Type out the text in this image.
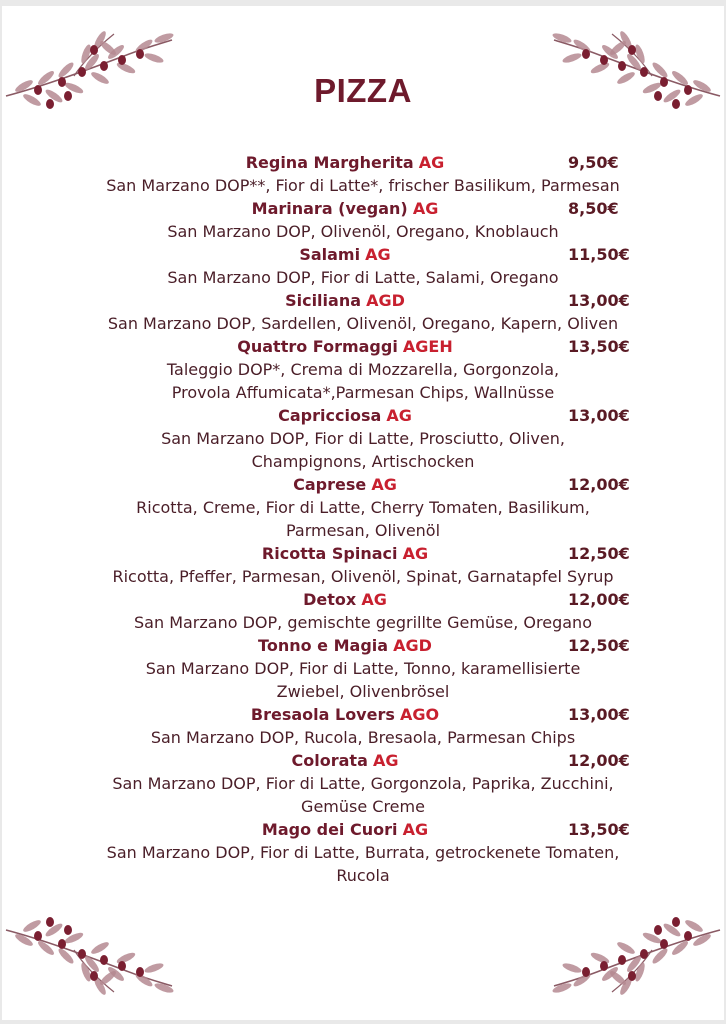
PIZZA
Regina Margherita AG	9,50€
San Marzano DOP**, Fior di Latte*, frischer Basilikum, Parmesan
Marinara (vegan) AG	8,50€
San Marzano DOP, Olivenöl, Oregano, Knoblauch
Salami AG	11,50€
San Marzano DOP, Fior di Latte, Salami, Oregano
Siciliana AGD	13,00€
San Marzano DOP, Sardellen, Olivenöl, Oregano, Kapern, Oliven
Quattro Formaggi AGEH	13,50€
Taleggio DOP*, Crema di Mozzarella, Gorgonzola,
Provola Affumicata*,Parmesan Chips, Wallnüsse
Capricciosa AG	13,00€
San Marzano DOP, Fior di Latte, Prosciutto, Oliven,
Champignons, Artischocken
Caprese AG	12,00€
Ricotta, Creme, Fior di Latte, Cherry Tomaten, Basilikum,
Parmesan, Olivenöl
Ricotta Spinaci AG	12,50€
Ricotta, Pfeffer, Parmesan, Olivenöl, Spinat, Garnatapfel Syrup
Detox AG	12,00€
San Marzano DOP, gemischte gegrillte Gemüse, Oregano
Tonno e Magia AGD	12,50€
San Marzano DOP, Fior di Latte, Tonno, karamellisierte
Zwiebel, Olivenbrösel
Bresaola Lovers AGO	13,00€
San Marzano DOP, Rucola, Bresaola, Parmesan Chips
Colorata AG	12,00€
San Marzano DOP, Fior di Latte, Gorgonzola, Paprika, Zucchini,
Gemüse Creme
Mago dei Cuori AG	13,50€
San Marzano DOP, Fior di Latte, Burrata, getrockenete Tomaten,
Rucola
